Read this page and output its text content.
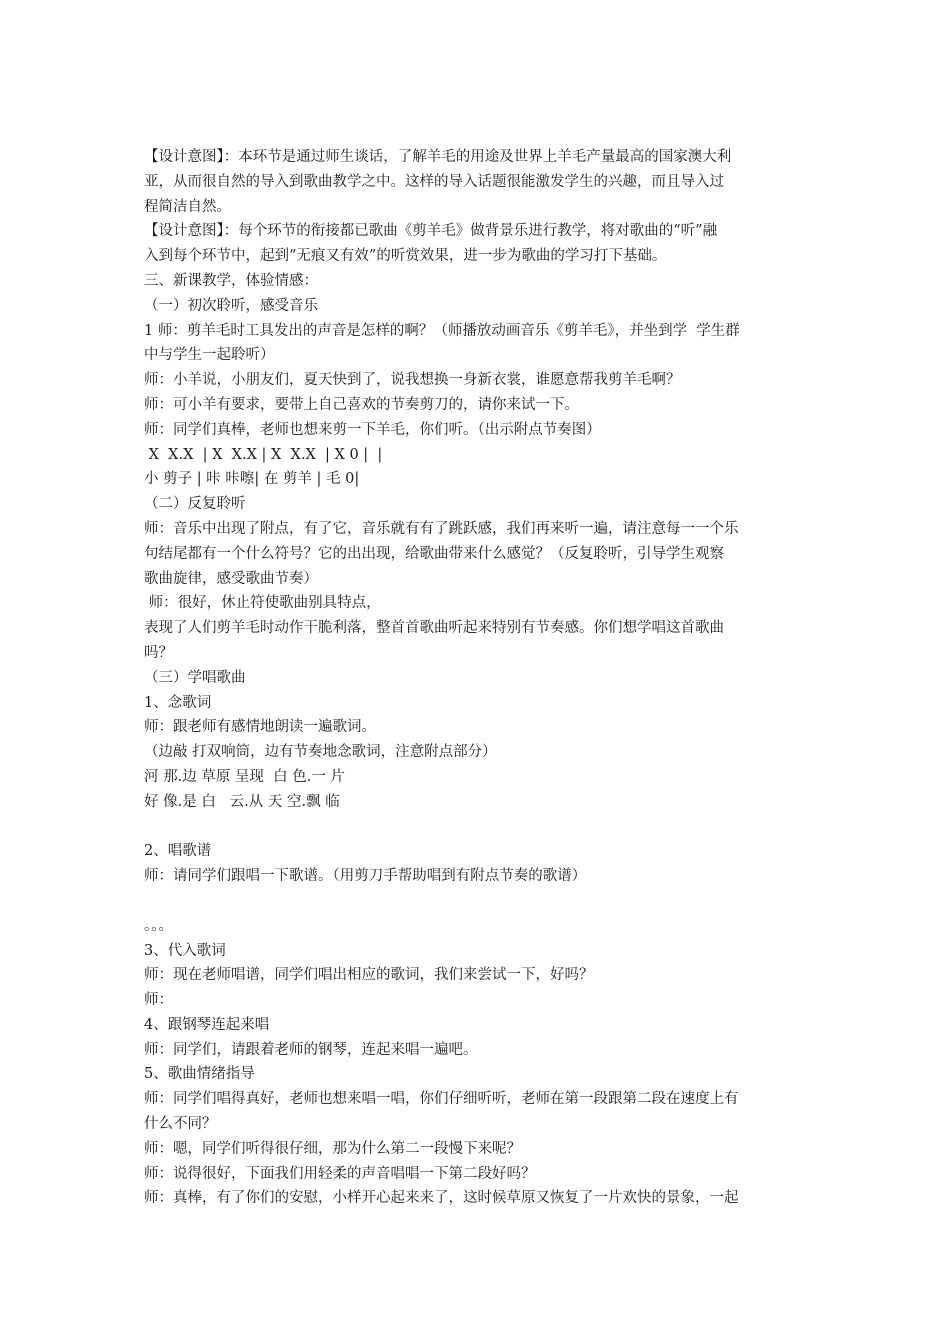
【设计意图】：本环节是通过师生谈话，了解羊毛的用途及世界上羊毛产量最高的国家澳大利
亚，从而很自然的导入到歌曲教学之中。这样的导入话题很能激发学生的兴趣，而且导入过
程简洁自然。
【设计意图】：每个环节的衔接都已歌曲《剪羊毛》做背景乐进行教学，将对歌曲的“听”融
入到每个环节中，起到“无痕又有效”的听赏效果，进一步为歌曲的学习打下基础。
三、新课教学，体验情感：
（一）初次聆听，感受音乐
1 师：剪羊毛时工具发出的声音是怎样的啊？（师播放动画音乐《剪羊毛》，并坐到学  学生群
中与学生一起聆听）
师：小羊说，小朋友们，夏天快到了，说我想换一身新衣裳，谁愿意帮我剪羊毛啊？
师：可小羊有要求，要带上自己喜欢的节奏剪刀的，请你来试一下。
师：同学们真棒，老师也想来剪一下羊毛，你们听。（出示附点节奏图）
X  X.X  | X  X.X | X  X.X  | X 0 |  |
小 剪子 | 咔 咔嚓| 在 剪羊 | 毛 0|
（二）反复聆听
师：音乐中出现了附点，有了它，音乐就有有了跳跃感，我们再来听一遍，请注意每一一个乐
句结尾都有一个什么符号？它的出出现，给歌曲带来什么感觉？（反复聆听，引导学生观察
歌曲旋律，感受歌曲节奏）
师：很好，休止符使歌曲别具特点，
表现了人们剪羊毛时动作干脆利落，整首首歌曲听起来特别有节奏感。你们想学唱这首歌曲
吗？
（三）学唱歌曲
1、念歌词
师：跟老师有感情地朗读一遍歌词。
（边敲 打双响筒，边有节奏地念歌词，注意附点部分）
河 那.边 草原 呈现  白 色.一 片
好 像.是 白   云.从 天 空.飘 临
2、唱歌谱
师：请同学们跟唱一下歌谱。（用剪刀手帮助唱到有附点节奏的歌谱）
。。。
3、代入歌词
师：现在老师唱谱，同学们唱出相应的歌词，我们来尝试一下，好吗？
师：
4、跟钢琴连起来唱
师：同学们，请跟着老师的钢琴，连起来唱一遍吧。
5、歌曲情绪指导
师：同学们唱得真好，老师也想来唱一唱，你们仔细听听，老师在第一段跟第二段在速度上有
什么不同？
师：嗯，同学们听得很仔细，那为什么第二一段慢下来呢？
师：说得很好，下面我们用轻柔的声音唱唱一下第二段好吗？
师：真棒，有了你们的安慰，小样开心起来来了，这时候草原又恢复了一片欢快的景象，一起
